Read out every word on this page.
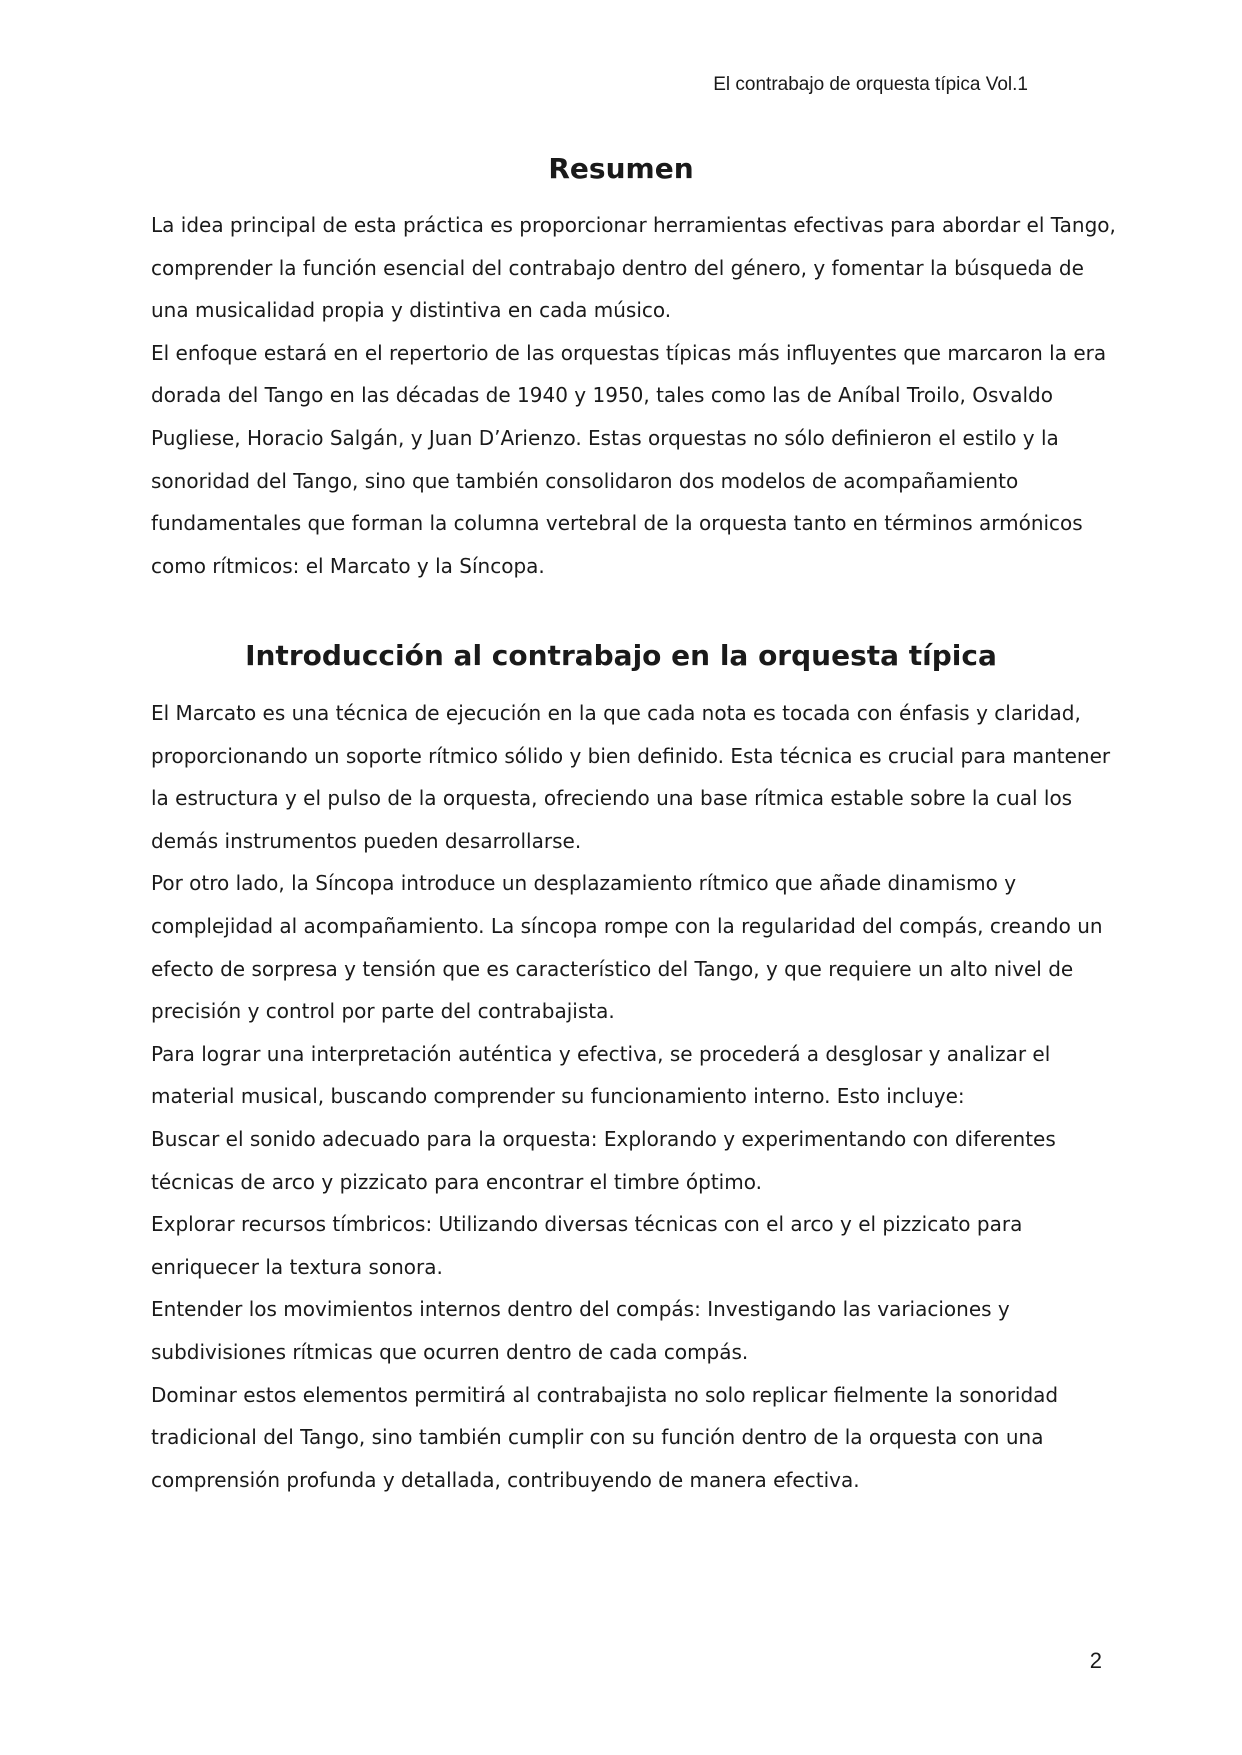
El contrabajo de orquesta típica Vol.1
Resumen
La idea principal de esta práctica es proporcionar herramientas efectivas para abordar el Tango,
comprender la función esencial del contrabajo dentro del género, y fomentar la búsqueda de
una musicalidad propia y distintiva en cada músico.
El enfoque estará en el repertorio de las orquestas típicas más influyentes que marcaron la era
dorada del Tango en las décadas de 1940 y 1950, tales como las de Aníbal Troilo, Osvaldo
Pugliese, Horacio Salgán, y Juan D’Arienzo. Estas orquestas no sólo definieron el estilo y la
sonoridad del Tango, sino que también consolidaron dos modelos de acompañamiento
fundamentales que forman la columna vertebral de la orquesta tanto en términos armónicos
como rítmicos: el Marcato y la Síncopa.
Introducción al contrabajo en la orquesta típica
El Marcato es una técnica de ejecución en la que cada nota es tocada con énfasis y claridad,
proporcionando un soporte rítmico sólido y bien definido. Esta técnica es crucial para mantener
la estructura y el pulso de la orquesta, ofreciendo una base rítmica estable sobre la cual los
demás instrumentos pueden desarrollarse.
Por otro lado, la Síncopa introduce un desplazamiento rítmico que añade dinamismo y
complejidad al acompañamiento. La síncopa rompe con la regularidad del compás, creando un
efecto de sorpresa y tensión que es característico del Tango, y que requiere un alto nivel de
precisión y control por parte del contrabajista.
Para lograr una interpretación auténtica y efectiva, se procederá a desglosar y analizar el
material musical, buscando comprender su funcionamiento interno. Esto incluye:
Buscar el sonido adecuado para la orquesta: Explorando y experimentando con diferentes
técnicas de arco y pizzicato para encontrar el timbre óptimo.
Explorar recursos tímbricos: Utilizando diversas técnicas con el arco y el pizzicato para
enriquecer la textura sonora.
Entender los movimientos internos dentro del compás: Investigando las variaciones y
subdivisiones rítmicas que ocurren dentro de cada compás.
Dominar estos elementos permitirá al contrabajista no solo replicar fielmente la sonoridad
tradicional del Tango, sino también cumplir con su función dentro de la orquesta con una
comprensión profunda y detallada, contribuyendo de manera efectiva.
2
